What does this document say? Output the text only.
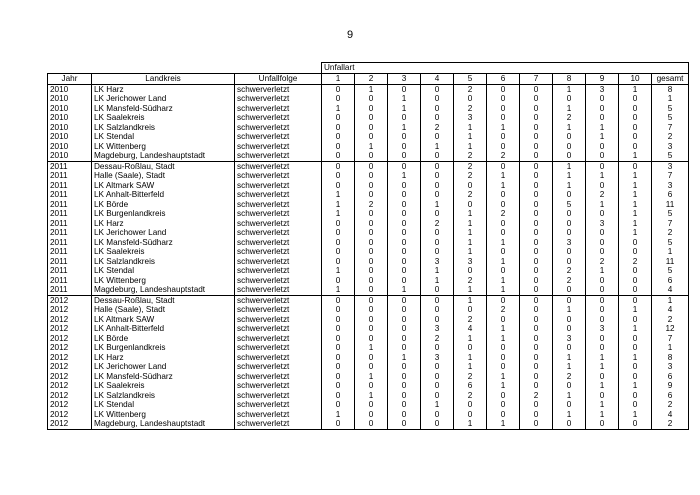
9
			Unfallart										
Jahr	Landkreis	Unfallfolge	1	2	3	4	5	6	7	8	9	10	gesamt
2010	LK Harz	schwerverletzt	0	1	0	0	2	0	0	1	3	1	8
2010	LK Jerichower Land	schwerverletzt	0	0	1	0	0	0	0	0	0	0	1
2010	LK Mansfeld-Südharz	schwerverletzt	1	0	1	0	2	0	0	1	0	0	5
2010	LK Saalekreis	schwerverletzt	0	0	0	0	3	0	0	2	0	0	5
2010	LK Salzlandkreis	schwerverletzt	0	0	1	2	1	1	0	1	1	0	7
2010	LK Stendal	schwerverletzt	0	0	0	0	1	0	0	0	1	0	2
2010	LK Wittenberg	schwerverletzt	0	1	0	1	1	0	0	0	0	0	3
2010	Magdeburg, Landeshauptstadt	schwerverletzt	0	0	0	0	2	2	0	0	0	1	5
2011	Dessau-Roßlau, Stadt	schwerverletzt	0	0	0	0	2	0	0	1	0	0	3
2011	Halle (Saale), Stadt	schwerverletzt	0	0	1	0	2	1	0	1	1	1	7
2011	LK Altmark SAW	schwerverletzt	0	0	0	0	0	1	0	1	0	1	3
2011	LK Anhalt-Bitterfeld	schwerverletzt	1	0	0	0	2	0	0	0	2	1	6
2011	LK Börde	schwerverletzt	1	2	0	1	0	0	0	5	1	1	11
2011	LK Burgenlandkreis	schwerverletzt	1	0	0	0	1	2	0	0	0	1	5
2011	LK Harz	schwerverletzt	0	0	0	2	1	0	0	0	3	1	7
2011	LK Jerichower Land	schwerverletzt	0	0	0	0	1	0	0	0	0	1	2
2011	LK Mansfeld-Südharz	schwerverletzt	0	0	0	0	1	1	0	3	0	0	5
2011	LK Saalekreis	schwerverletzt	0	0	0	0	1	0	0	0	0	0	1
2011	LK Salzlandkreis	schwerverletzt	0	0	0	3	3	1	0	0	2	2	11
2011	LK Stendal	schwerverletzt	1	0	0	1	0	0	0	2	1	0	5
2011	LK Wittenberg	schwerverletzt	0	0	0	1	2	1	0	2	0	0	6
2011	Magdeburg, Landeshauptstadt	schwerverletzt	1	0	1	0	1	1	0	0	0	0	4
2012	Dessau-Roßlau, Stadt	schwerverletzt	0	0	0	0	1	0	0	0	0	0	1
2012	Halle (Saale), Stadt	schwerverletzt	0	0	0	0	0	2	0	1	0	1	4
2012	LK Altmark SAW	schwerverletzt	0	0	0	0	2	0	0	0	0	0	2
2012	LK Anhalt-Bitterfeld	schwerverletzt	0	0	0	3	4	1	0	0	3	1	12
2012	LK Börde	schwerverletzt	0	0	0	2	1	1	0	3	0	0	7
2012	LK Burgenlandkreis	schwerverletzt	0	1	0	0	0	0	0	0	0	0	1
2012	LK Harz	schwerverletzt	0	0	1	3	1	0	0	1	1	1	8
2012	LK Jerichower Land	schwerverletzt	0	0	0	0	1	0	0	1	1	0	3
2012	LK Mansfeld-Südharz	schwerverletzt	0	1	0	0	2	1	0	2	0	0	6
2012	LK Saalekreis	schwerverletzt	0	0	0	0	6	1	0	0	1	1	9
2012	LK Salzlandkreis	schwerverletzt	0	1	0	0	2	0	2	1	0	0	6
2012	LK Stendal	schwerverletzt	0	0	0	1	0	0	0	0	1	0	2
2012	LK Wittenberg	schwerverletzt	1	0	0	0	0	0	0	1	1	1	4
2012	Magdeburg, Landeshauptstadt	schwerverletzt	0	0	0	0	1	1	0	0	0	0	2
